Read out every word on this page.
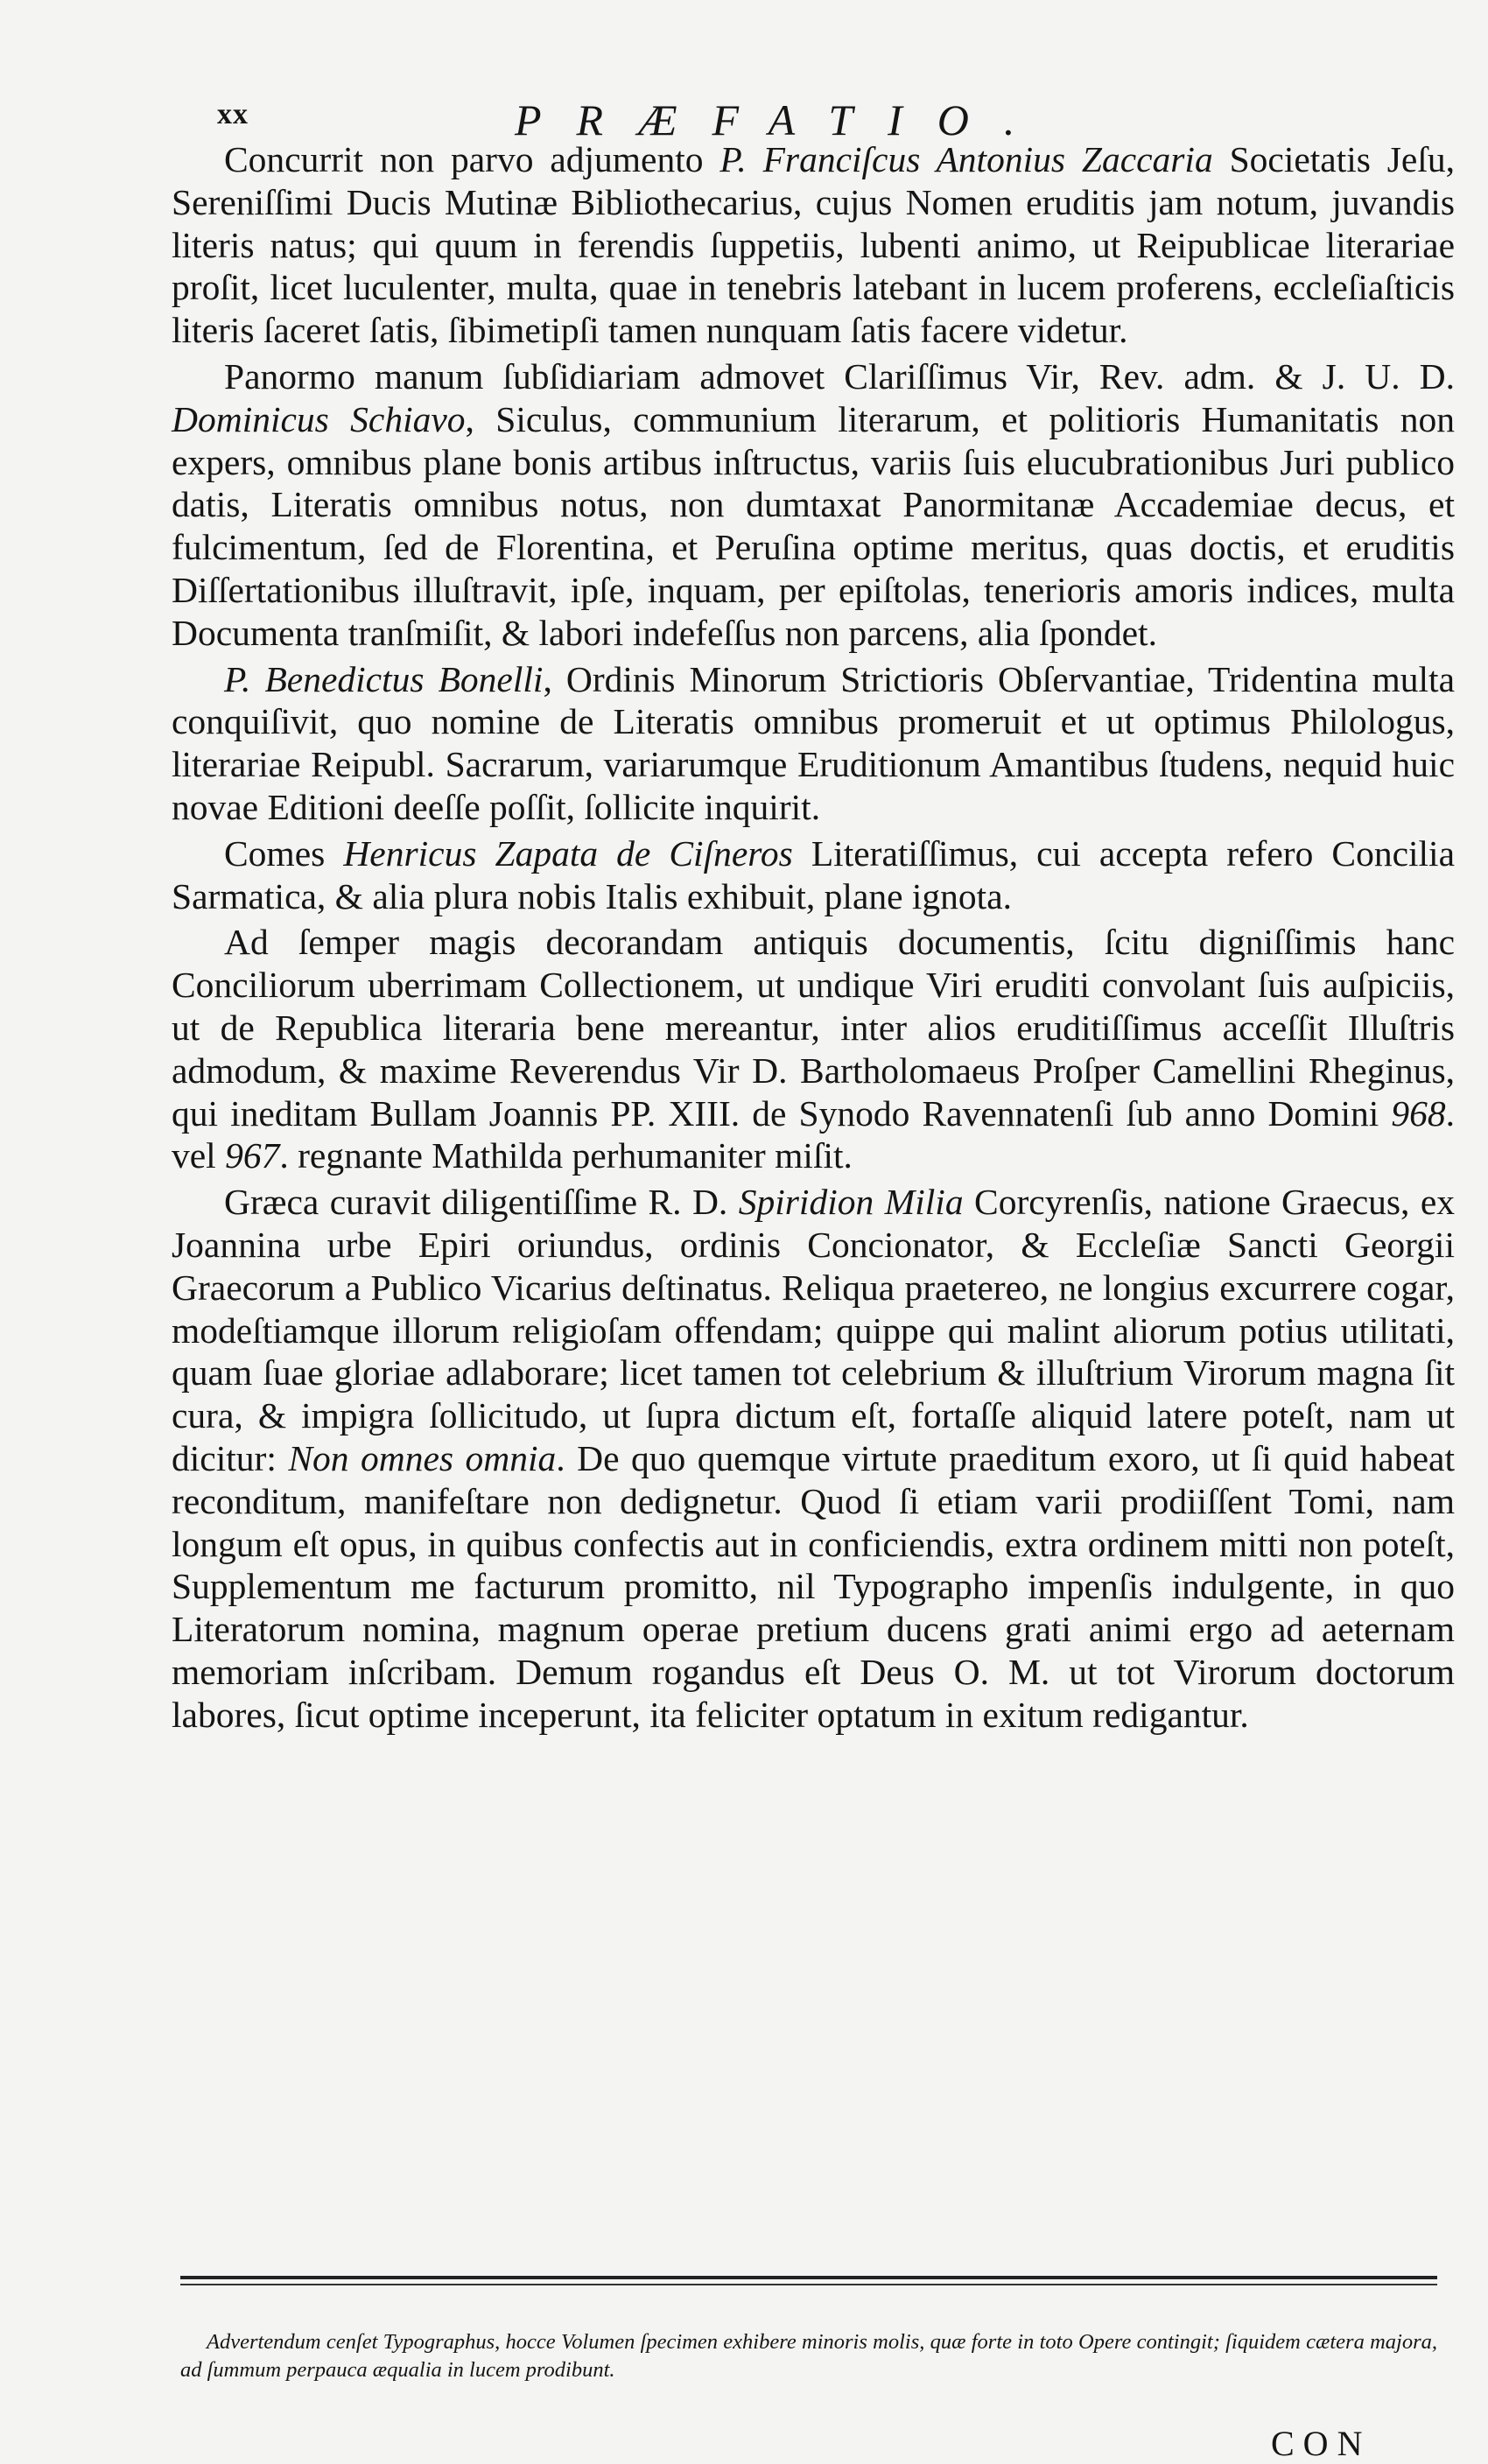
xx	PRÆFATIO.

Concurrit non parvo adjumento P. Franciſcus Antonius Zaccaria Societatis Jeſu, Sereniſſimi Ducis Mutinæ Bibliothecarius, cujus Nomen eruditis jam notum, juvandis literis natus; qui quum in ferendis ſuppetiis, lubenti animo, ut Reipublicae literariae proſit, licet luculenter, multa, quae in tenebris latebant in lucem proferens, eccleſiaſticis literis ſaceret ſatis, ſibimetipſi tamen nunquam ſatis facere videtur.

Panormo manum ſubſidiariam admovet Clariſſimus Vir, Rev. adm. & J. U. D. Dominicus Schiavo, Siculus, communium literarum, et politioris Humanitatis non expers, omnibus plane bonis artibus inſtructus, variis ſuis elucubrationibus Juri publico datis, Literatis omnibus notus, non dumtaxat Panormitanæ Accademiae decus, et fulcimentum, ſed de Florentina, et Peruſina optime meritus, quas doctis, et eruditis Diſſertationibus illuſtravit, ipſe, inquam, per epiſtolas, tenerioris amoris indices, multa Documenta tranſmiſit, & labori indefeſſus non parcens, alia ſpondet.

P. Benedictus Bonelli, Ordinis Minorum Strictioris Obſervantiae, Tridentina multa conquiſivit, quo nomine de Literatis omnibus promeruit et ut optimus Philologus, literariae Reipubl. Sacrarum, variarumque Eruditionum Amantibus ſtudens, nequid huic novae Editioni deeſſe poſſit, ſollicite inquirit.

Comes Henricus Zapata de Ciſneros Literatiſſimus, cui accepta refero Concilia Sarmatica, & alia plura nobis Italis exhibuit, plane ignota.

Ad ſemper magis decorandam antiquis documentis, ſcitu digniſſimis hanc Conciliorum uberrimam Collectionem, ut undique Viri eruditi convolant ſuis auſpiciis, ut de Republica literaria bene mereantur, inter alios eruditiſſimus acceſſit Illuſtris admodum, & maxime Reverendus Vir D. Bartholomaeus Proſper Camellini Rheginus, qui ineditam Bullam Joannis PP. XIII. de Synodo Ravennatenſi ſub anno Domini 968. vel 967. regnante Mathilda perhumaniter miſit.

Græca curavit diligentiſſime R. D. Spiridion Milia Corcyrenſis, natione Graecus, ex Joannina urbe Epiri oriundus, ordinis Concionator, & Eccleſiæ Sancti Georgii Graecorum a Publico Vicarius deſtinatus. Reliqua praetereo, ne longius excurrere cogar, modeſtiamque illorum religioſam offendam; quippe qui malint aliorum potius utilitati, quam ſuae gloriae adlaborare; licet tamen tot celebrium & illuſtrium Virorum magna ſit cura, & impigra ſollicitudo, ut ſupra dictum eſt, fortaſſe aliquid latere poteſt, nam ut dicitur: Non omnes omnia. De quo quemque virtute praeditum exoro, ut ſi quid habeat reconditum, manifeſtare non dedignetur. Quod ſi etiam varii prodiiſſent Tomi, nam longum eſt opus, in quibus confectis aut in conficiendis, extra ordinem mitti non poteſt, Supplementum me facturum promitto, nil Typographo impenſis indulgente, in quo Literatorum nomina, magnum operae pretium ducens grati animi ergo ad aeternam memoriam inſcribam. Demum rogandus eſt Deus O. M. ut tot Virorum doctorum labores, ſicut optime inceperunt, ita feliciter optatum in exitum redigantur.

Advertendum cenſet Typographus, hocce Volumen ſpecimen exhibere minoris molis, quæ forte in toto Opere contingit; ſiquidem cætera majora, ad ſummum perpauca æqualia in lucem prodibunt.
CON
